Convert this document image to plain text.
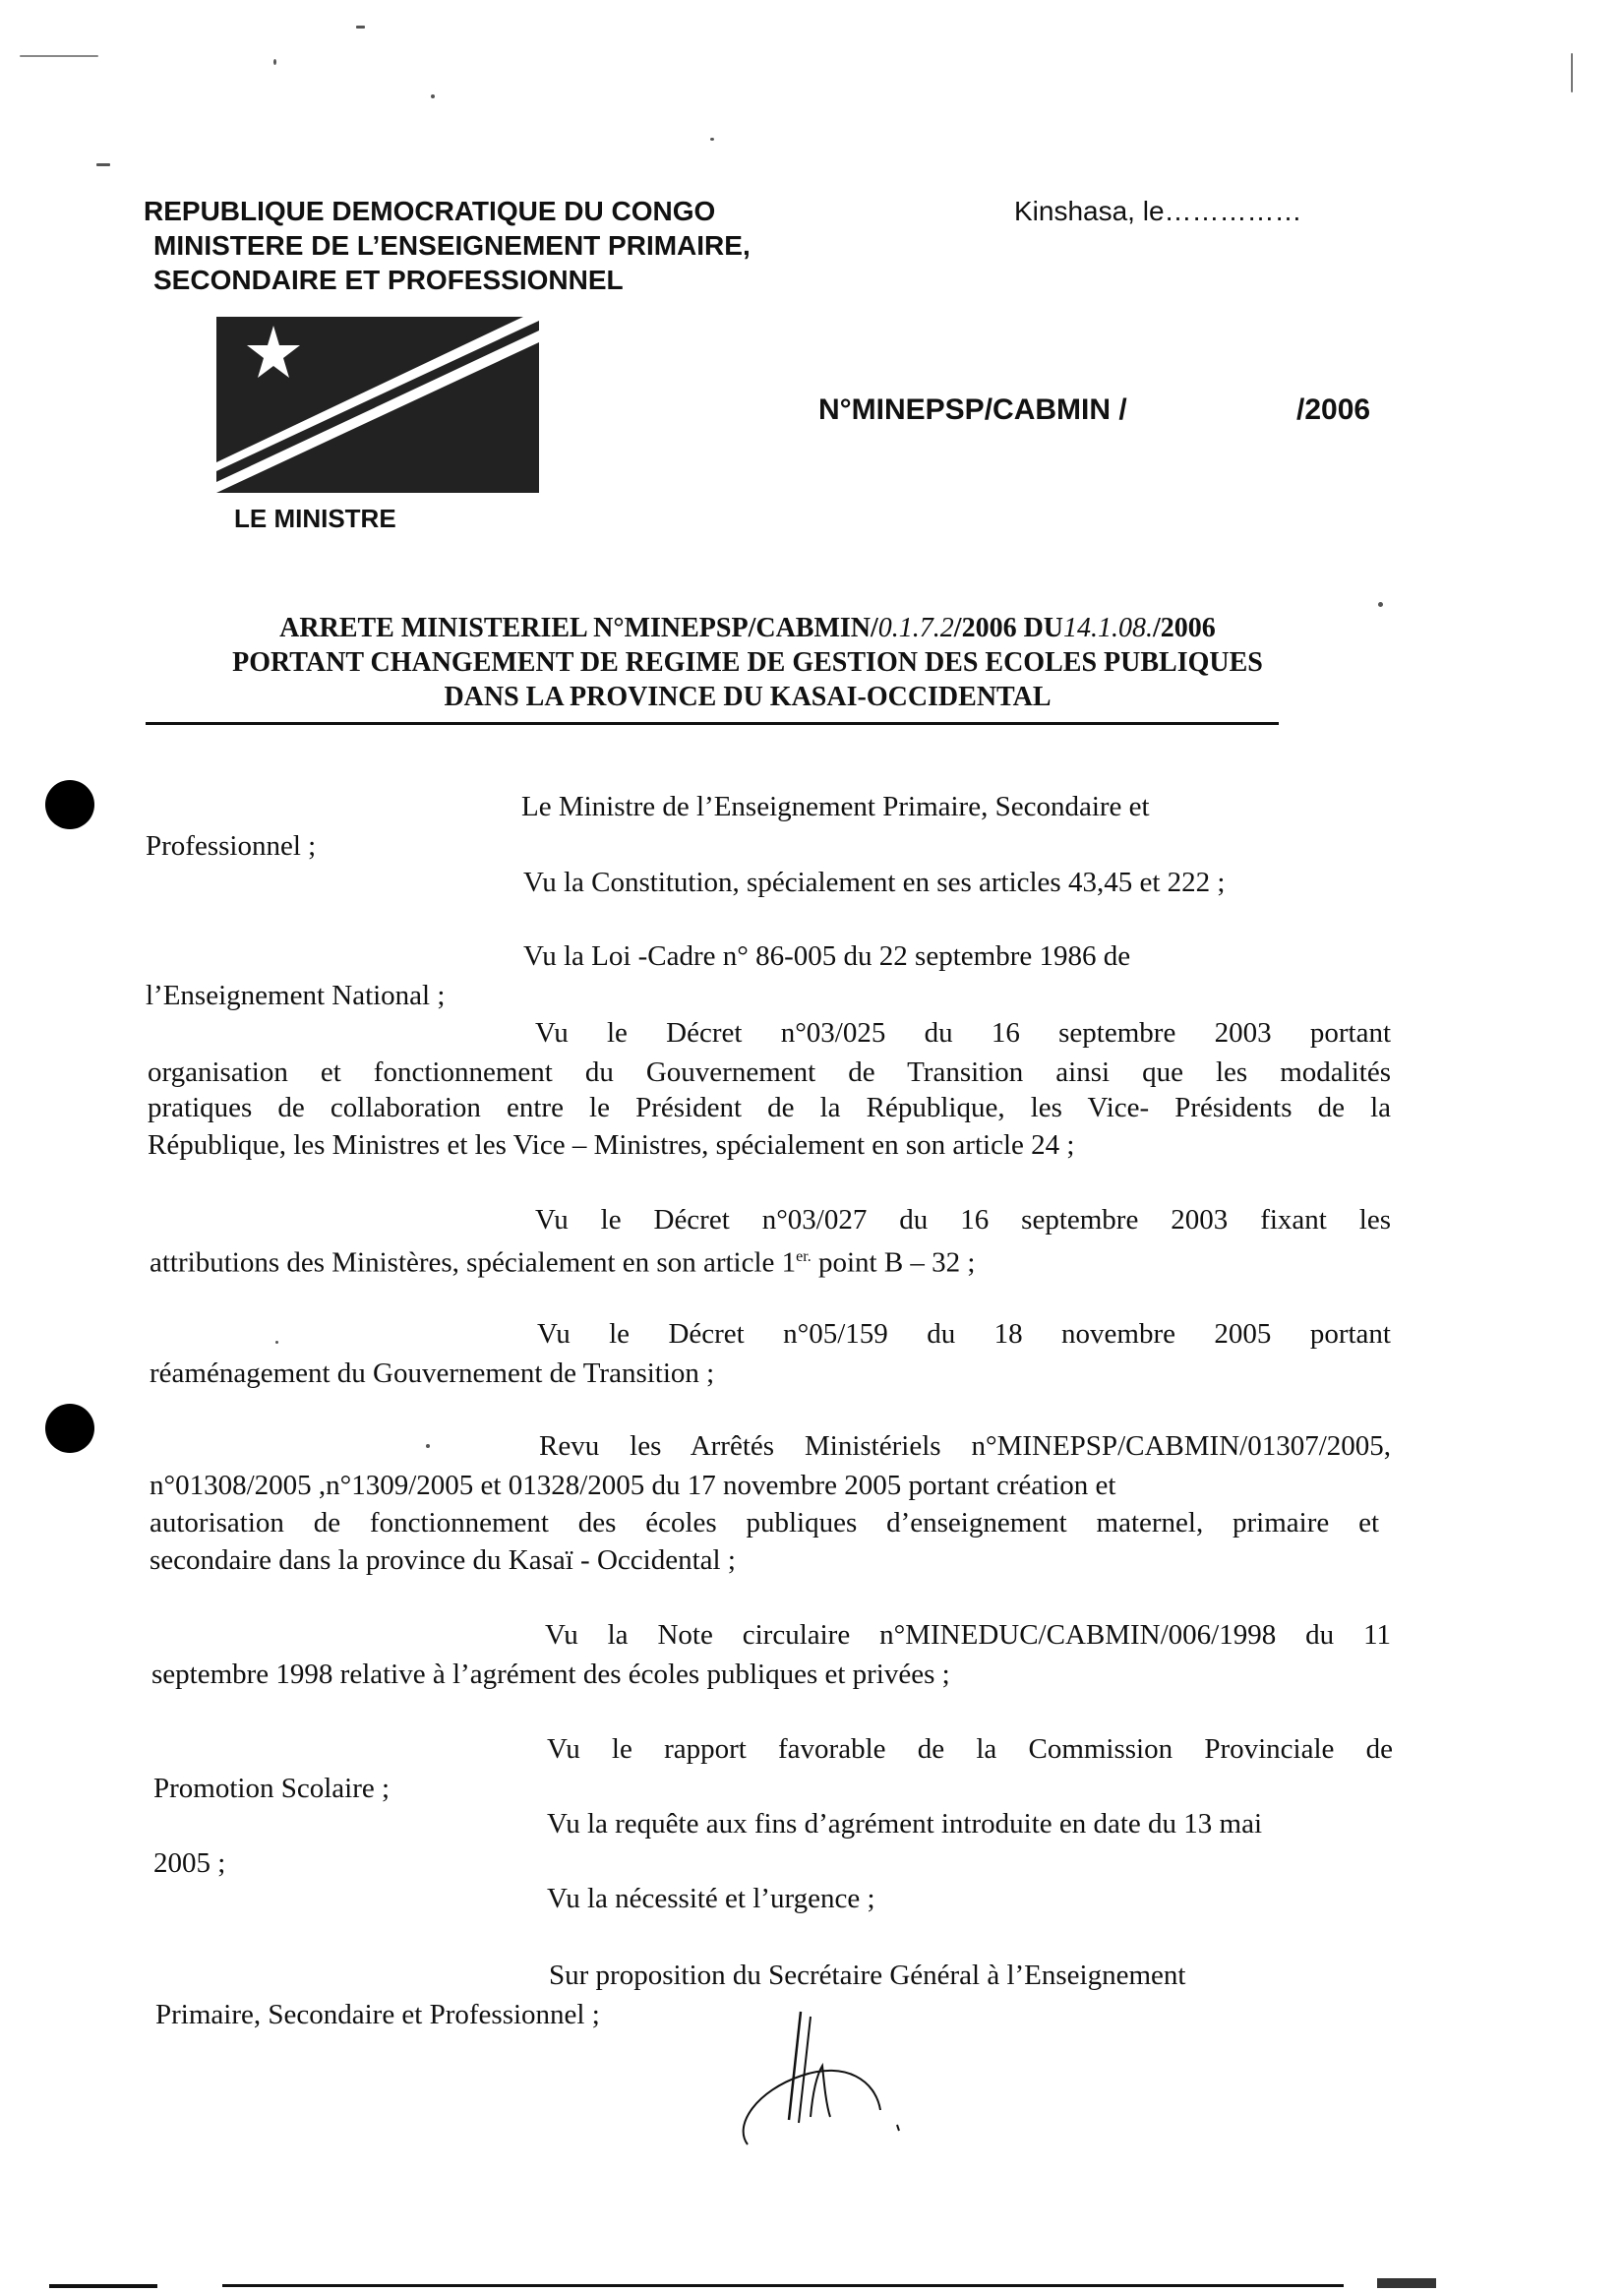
REPUBLIQUE DEMOCRATIQUE DU CONGO
MINISTERE DE L’ENSEIGNEMENT PRIMAIRE,
SECONDAIRE ET PROFESSIONNEL
Kinshasa, le……………
N°MINEPSP/CABMIN /	/2006
LE MINISTRE
ARRETE MINISTERIEL N°MINEPSP/CABMIN/0.1.7.2/2006 DU14.1.08./2006
PORTANT CHANGEMENT DE REGIME DE GESTION DES ECOLES PUBLIQUES
DANS LA PROVINCE DU KASAI-OCCIDENTAL
Le Ministre de l’Enseignement Primaire, Secondaire et
Professionnel ;
Vu la Constitution, spécialement en ses articles 43,45 et 222 ;
Vu la Loi -Cadre n° 86-005 du 22 septembre 1986 de
l’Enseignement National ;
Vu le Décret n°03/025 du 16 septembre 2003 portant
organisation et fonctionnement du Gouvernement de Transition ainsi que les modalités
pratiques de collaboration entre le Président de la République, les Vice- Présidents de la
République, les Ministres et les Vice – Ministres, spécialement en son article 24 ;
Vu le Décret n°03/027 du 16 septembre 2003 fixant les
attributions des Ministères, spécialement en son article $1^{er.}$ point B – 32 ;
Vu le Décret n°05/159 du 18 novembre 2005 portant
réaménagement du Gouvernement de Transition ;
Revu les Arrêtés Ministériels n°MINEPSP/CABMIN/01307/2005,
n°01308/2005 ,n°1309/2005 et 01328/2005 du 17 novembre 2005 portant création et
autorisation de fonctionnement des écoles publiques d’enseignement maternel, primaire et
secondaire dans la province du Kasaï - Occidental ;
Vu la Note circulaire n°MINEDUC/CABMIN/006/1998 du 11
septembre 1998 relative à l’agrément des écoles publiques et privées ;
Vu le rapport favorable de la Commission Provinciale de
Promotion Scolaire ;
Vu la requête aux fins d’agrément introduite en date du 13 mai
2005 ;
Vu la nécessité et l’urgence ;
Sur proposition du Secrétaire Général à l’Enseignement
Primaire, Secondaire et Professionnel ;
